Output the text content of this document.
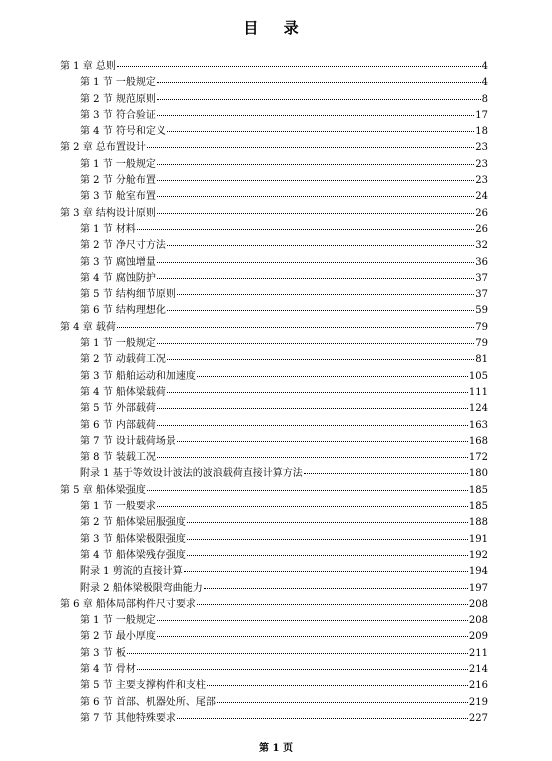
目 录
第 1 章 总则	4
第 1 节 一般规定	4
第 2 节 规范原则	8
第 3 节 符合验证	17
第 4 节 符号和定义	18
第 2 章 总布置设计	23
第 1 节 一般规定	23
第 2 节 分舱布置	23
第 3 节 舱室布置	24
第 3 章 结构设计原则	26
第 1 节 材料	26
第 2 节 净尺寸方法	32
第 3 节 腐蚀增量	36
第 4 节 腐蚀防护	37
第 5 节 结构细节原则	37
第 6 节 结构理想化	59
第 4 章 载荷	79
第 1 节 一般规定	79
第 2 节 动载荷工况	81
第 3 节 船舶运动和加速度	105
第 4 节 船体梁载荷	111
第 5 节 外部载荷	124
第 6 节 内部载荷	163
第 7 节 设计载荷场景	168
第 8 节 装载工况	172
附录 1 基于等效设计波法的波浪载荷直接计算方法	180
第 5 章 船体梁强度	185
第 1 节 一般要求	185
第 2 节 船体梁屈服强度	188
第 3 节 船体梁极限强度	191
第 4 节 船体梁残存强度	192
附录 1 剪流的直接计算	194
附录 2 船体梁极限弯曲能力	197
第 6 章 船体局部构件尺寸要求	208
第 1 节 一般规定	208
第 2 节 最小厚度	209
第 3 节 板	211
第 4 节 骨材	214
第 5 节 主要支撑构件和支柱	216
第 6 节 首部、机器处所、尾部	219
第 7 节 其他特殊要求	227
第 1 页
